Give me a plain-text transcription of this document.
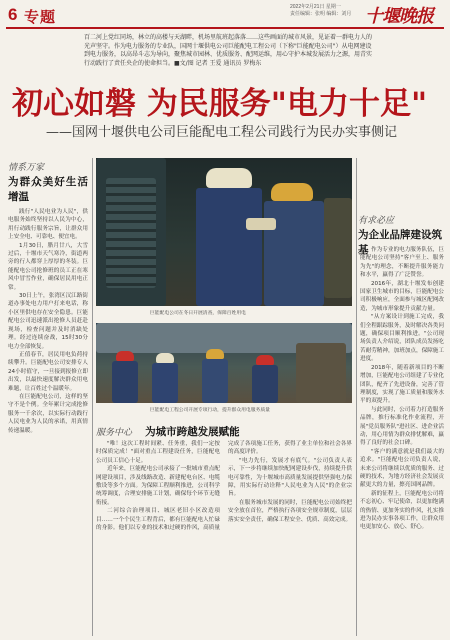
6 专题
2022年2月21日 星期一
责任编辑：张明 编辑：刘月 十堰晚报
百二河上党红同场，林立的高楼与天湖畔，机场里航班起落落……这些画面的城市风景，见证着一群电力人的光声坚守。作为电力服务的专业队，国网十堰供电公司巨能配电工程公司（下称"巨能配电公司"）从电网建设到电力服务，以高昂斗志为导向，聚焦城市园林、优质服务、配网运维，用心守护本城发展活力之源，用青实行动践行了责任央企的使命担当。■文/图 记者 王爱 通讯员 罗梅东
初心如磐 为民服务"电力十足"
——国网十堰供电公司巨能配电工程公司践行为民办实事侧记
情系万家
为群众美好生活增温

践行"人民电业为人民"，供电服务始终坚持以人民为中心，用行动践行服务宗旨，让群众用上安全电、可靠电、便宜电。

1月30日，腊月廿八，大雪过后，十堰市天气寒冷，街道两旁的行人都穿上厚厚的冬装。巨能配电公司抢修班的员工正在寒风中冒雪作业，确保居民用电正常。

30日上午，张湾区汉江路街道办事处电力用户打来电话，称小区里供电存在安全隐患。巨能配电公司迅速派出抢修人员赶赴现场，检查问题并及时消缺处理。经过连续奋战，15时30分电力全部恢复。

正值春节，居民用电负荷持续攀升。巨能配电公司安排专人24小时值守，一旦接到报修立即出发，以最快速度解决群众用电难题，让百姓过个温暖年。

在巨能配电公司，这样的坚守不是个例。全年累计完成抢修服务一千余次，以实际行动践行人民电业为人民的承诺，用真情传递温暖。

巨能配电公司在冬日开展清查，保障百姓用电
巨能配电工程公司开展专项行动，提升群众用电服务质量
服务中心 为城市跨越发展赋能

"唯！这次工程时间紧、任务重，我们一定按时保质完成！"面对重点工程建设任务，巨能配电公司员工信心十足。

近年来，巨能配电公司承接了一批城市重点配网建设项目，涉及线路改造、新建配电台区、电缆敷设等多个方面。为保障工程顺利推进，公司科学统筹调度，合理安排施工计划，确保每个环节无缝衔接。

二河综合治理项目、城区老旧小区改造项目……一个个民生工程背后，都有巨能配电人忙碌的身影。他们以专业的技术和过硬的作风，高质量完成了各项施工任务，获得了业主单位和社会各界的高度评价。

"电力先行，发展才有底气。"公司负责人表示，下一步将继续加快配网建设步伐，持续提升供电可靠性，为十堰城市高质量发展提供坚强电力保障，用实际行动诠释"人民电业为人民"的企业宗旨。

在服务城市发展的同时，巨能配电公司始终把安全放在首位，严格执行各项安全规章制度，层层落实安全责任，确保工程安全、优质、高效完成。

有求必应
为企业品牌建设筑基 作为专业的电力服务队伍，巨能配电公司坚持"客户至上、服务为先"的理念，不断提升服务能力和水平，赢得了广泛赞誉。

2016年，湖北十堰发布创建国家卫生城市的目标，巨能配电公司积极响应，全面参与城区配网改造，为城市形象提升贡献力量。

"从方案设计到施工完成，我们全程跟踪服务，及时解决各类问题，确保项目顺利推进。"公司现场负责人介绍说，团队成员发扬吃苦耐劳精神，加班加点，保障施工进度。

2018年，随着新项目的不断增加，巨能配电公司组建了专业化团队，配齐了先进设备，完善了管理制度，实现了施工质量和服务水平的双提升。

与此同时，公司着力打造服务品牌，推行标准化作业流程，开展"党员服务队"进社区、进企业活动，用心用情为群众排忧解难，赢得了良好的社会口碑。

"客户的满意就是我们最大的追求。"巨能配电公司负责人说，未来公司将继续以优质的服务、过硬的技术，为地方经济社会发展贡献更大的力量，擦亮国网品牌。

新的征程上，巨能配电公司将不忘初心、牢记使命，以更加饱满的热情、更加务实的作风，扎实推进为民办实事各项工作，让群众用电更加安心、放心、舒心。
